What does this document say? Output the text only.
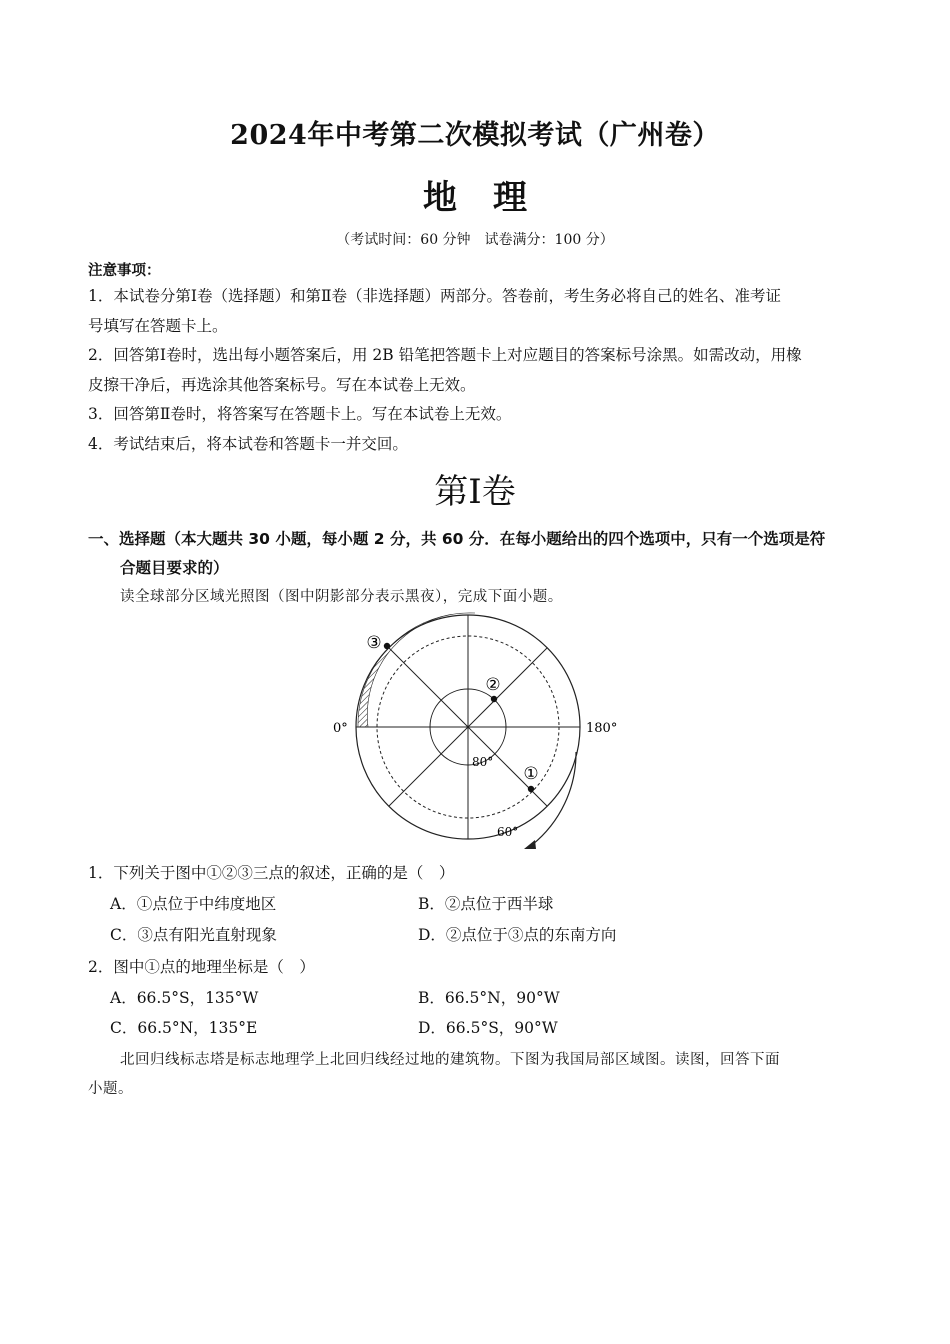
2024年中考第二次模拟考试（广州卷）
地理
（考试时间：60 分钟　试卷满分：100 分）
注意事项：
1．本试卷分第Ⅰ卷（选择题）和第Ⅱ卷（非选择题）两部分。答卷前，考生务必将自己的姓名、准考证
号填写在答题卡上。
2．回答第Ⅰ卷时，选出每小题答案后，用 2B 铅笔把答题卡上对应题目的答案标号涂黑。如需改动，用橡
皮擦干净后，再选涂其他答案标号。写在本试卷上无效。
3．回答第Ⅱ卷时，将答案写在答题卡上。写在本试卷上无效。
4．考试结束后，将本试卷和答题卡一并交回。
第Ⅰ卷
一、选择题（本大题共 30 小题，每小题 2 分，共 60 分．在每小题给出的四个选项中，只有一个选项是符
合题目要求的）
读全球部分区域光照图（图中阴影部分表示黑夜），完成下面小题。
③
②
①
0°	180°
80°
60°
1．下列关于图中①②③三点的叙述，正确的是（　）
A．①点位于中纬度地区	B．②点位于西半球
C．③点有阳光直射现象	D．②点位于③点的东南方向
2．图中①点的地理坐标是（　）
A．66.5°S，135°W	B．66.5°N，90°W
C．66.5°N，135°E	D．66.5°S，90°W
北回归线标志塔是标志地理学上北回归线经过地的建筑物。下图为我国局部区域图。读图，回答下面
小题。
